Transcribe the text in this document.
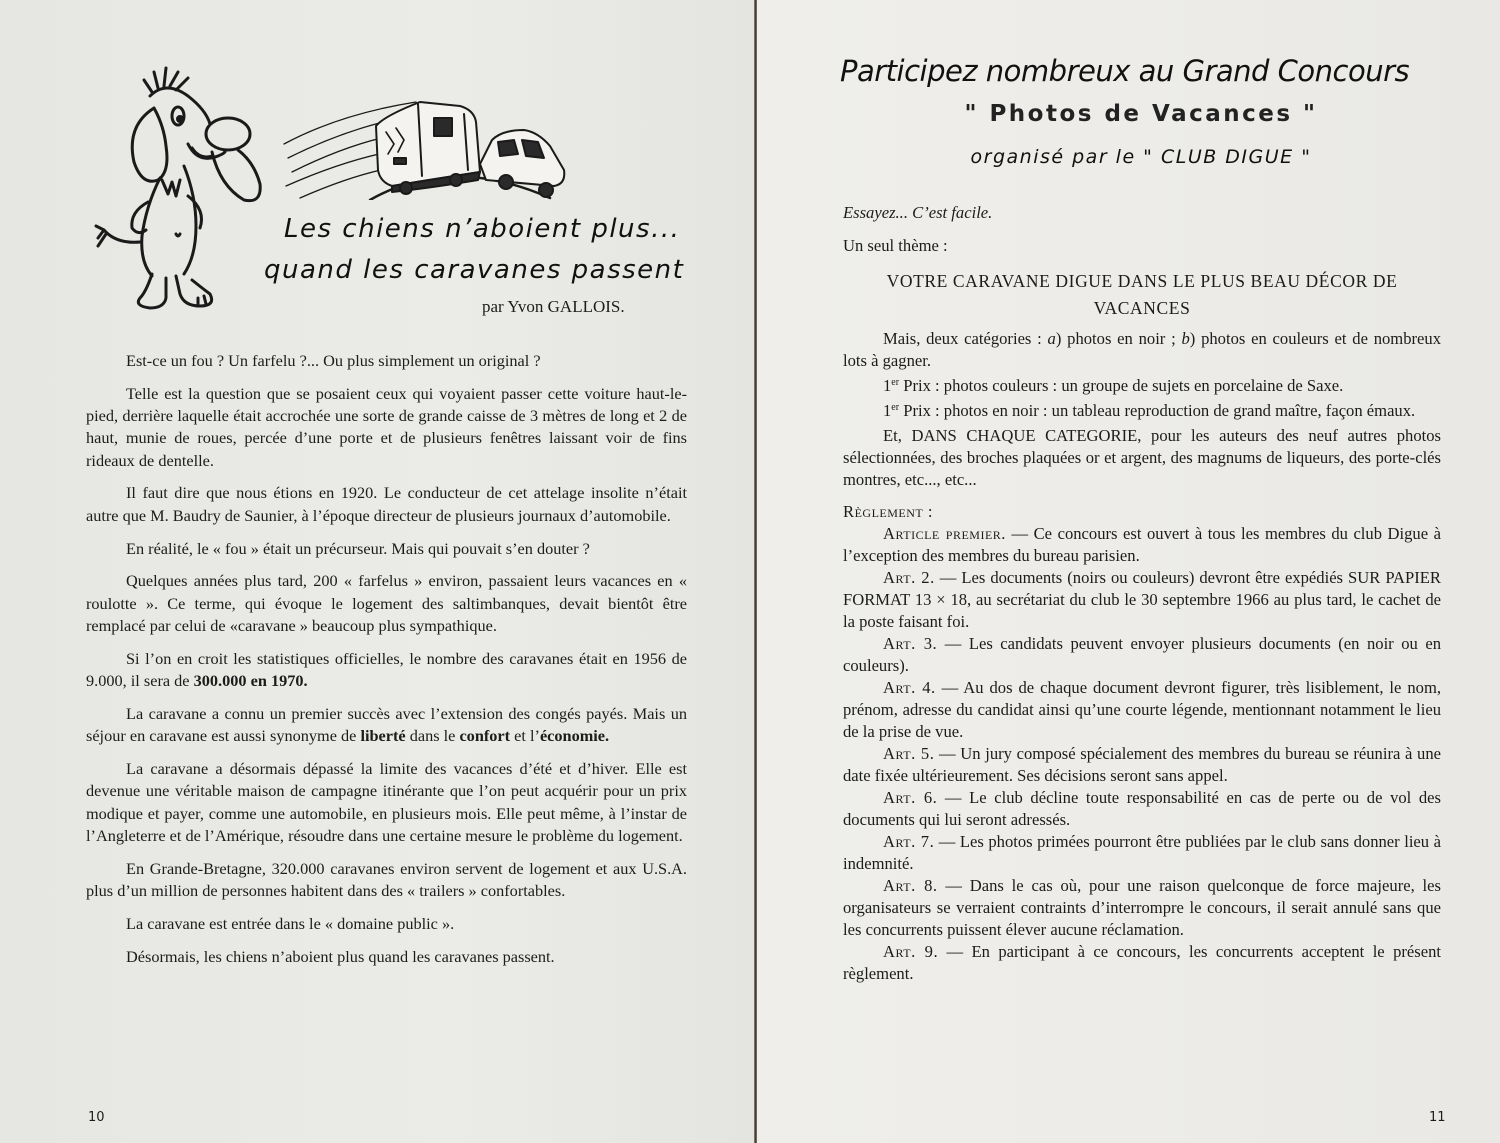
Les chiens n’aboient plus...
quand les caravanes passent
par Yvon GALLOIS.

Est-ce un fou ? Un farfelu ?... Ou plus simplement un original ?

Telle est la question que se posaient ceux qui voyaient passer cette voiture haut-le-pied, derrière laquelle était accrochée une sorte de grande caisse de 3 mètres de long et 2 de haut, munie de roues, percée d’une porte et de plusieurs fenêtres laissant voir de fins rideaux de dentelle.

Il faut dire que nous étions en 1920. Le conducteur de cet attelage insolite n’était autre que M. Baudry de Saunier, à l’époque directeur de plusieurs journaux d’automobile.

En réalité, le « fou » était un précurseur. Mais qui pouvait s’en douter ?

Quelques années plus tard, 200 « farfelus » environ, passaient leurs vacances en « roulotte ». Ce terme, qui évoque le logement des saltimbanques, devait bientôt être remplacé par celui de «caravane » beaucoup plus sympathique.

Si l’on en croit les statistiques officielles, le nombre des caravanes était en 1956 de 9.000, il sera de 300.000 en 1970.

La caravane a connu un premier succès avec l’extension des congés payés. Mais un séjour en caravane est aussi synonyme de liberté dans le confort et l’économie.

La caravane a désormais dépassé la limite des vacances d’été et d’hiver. Elle est devenue une véritable maison de campagne itinérante que l’on peut acquérir pour un prix modique et payer, comme une automobile, en plusieurs mois. Elle peut même, à l’instar de l’Angleterre et de l’Amérique, résoudre dans une certaine mesure le problème du logement.

En Grande-Bretagne, 320.000 caravanes environ servent de logement et aux U.S.A. plus d’un million de personnes habitent dans des « trailers » confortables.

La caravane est entrée dans le « domaine public ».

Désormais, les chiens n’aboient plus quand les caravanes passent.

10
Participez nombreux au Grand Concours
" Photos de Vacances "
organisé par le " CLUB DIGUE "

Essayez... C’est facile.

Un seul thème :

VOTRE CARAVANE DIGUE DANS LE PLUS BEAU DÉCOR DE VACANCES

Mais, deux catégories : a) photos en noir ; b) photos en couleurs et de nombreux lots à gagner.

1er Prix : photos couleurs : un groupe de sujets en porcelaine de Saxe.

1er Prix : photos en noir : un tableau reproduction de grand maître, façon émaux.

Et, DANS CHAQUE CATEGORIE, pour les auteurs des neuf autres photos sélectionnées, des broches plaquées or et argent, des magnums de liqueurs, des porte-clés montres, etc..., etc...

Règlement :

Article premier. — Ce concours est ouvert à tous les membres du club Digue à l’exception des membres du bureau parisien.

Art. 2. — Les documents (noirs ou couleurs) devront être expédiés SUR PAPIER FORMAT 13 × 18, au secrétariat du club le 30 septembre 1966 au plus tard, le cachet de la poste faisant foi.

Art. 3. — Les candidats peuvent envoyer plusieurs documents (en noir ou en couleurs).

Art. 4. — Au dos de chaque document devront figurer, très lisiblement, le nom, prénom, adresse du candidat ainsi qu’une courte légende, mentionnant notamment le lieu de la prise de vue.

Art. 5. — Un jury composé spécialement des membres du bureau se réunira à une date fixée ultérieurement. Ses décisions seront sans appel.

Art. 6. — Le club décline toute responsabilité en cas de perte ou de vol des documents qui lui seront adressés.

Art. 7. — Les photos primées pourront être publiées par le club sans donner lieu à indemnité.

Art. 8. — Dans le cas où, pour une raison quelconque de force majeure, les organisateurs se verraient contraints d’interrompre le concours, il serait annulé sans que les concurrents puissent élever aucune réclamation.

Art. 9. — En participant à ce concours, les concurrents acceptent le présent règlement.

11
